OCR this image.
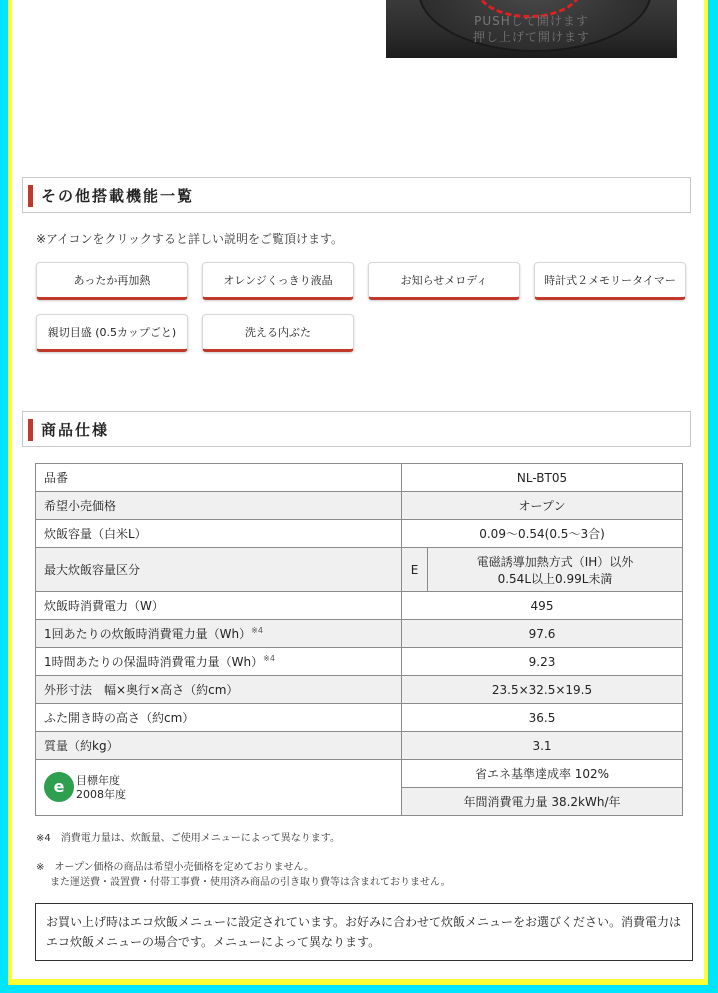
PUSHして開けます
押し上げて開けます
その他搭載機能一覧
※アイコンをクリックすると詳しい説明をご覧頂けます。
あったか再加熱	オレンジくっきり液晶	お知らせメロディ	時計式２メモリータイマー
親切目盛 (0.5カップごと)	洗える内ぶた
商品仕様
品番	NL-BT05	
希望小売価格	オープン	
炊飯容量（白米L）	0.09～0.54(0.5～3合)	
最大炊飯容量区分	E	電磁誘導加熱方式（IH）以外
0.54L以上0.99L未満

炊飯時消費電力（W）	495	
1回あたりの炊飯時消費電力量$(Wh)^{※4}$	97.6	
1時間あたりの保温時消費電力量$(Wh)^{※4}$	9.23	
外形寸法　幅×奥行×高さ（約cm）	23.5×32.5×19.5	
ふた開き時の高さ（約cm）	36.5	
質量（約kg）	3.1	

e 目標年度
2008年度	省エネ基準達成率 102%	
	年間消費電力量 38.2kWh/年	
※4　消費電力量は、炊飯量、ご使用メニューによって異なります。
※　オープン価格の商品は希望小売価格を定めておりません。
また運送費・設置費・付帯工事費・使用済み商品の引き取り費等は含まれておりません。
お買い上げ時はエコ炊飯メニューに設定されています。お好みに合わせて炊飯メニューをお選びください。消費電力はエコ炊飯メニューの場合です。メニューによって異なります。
